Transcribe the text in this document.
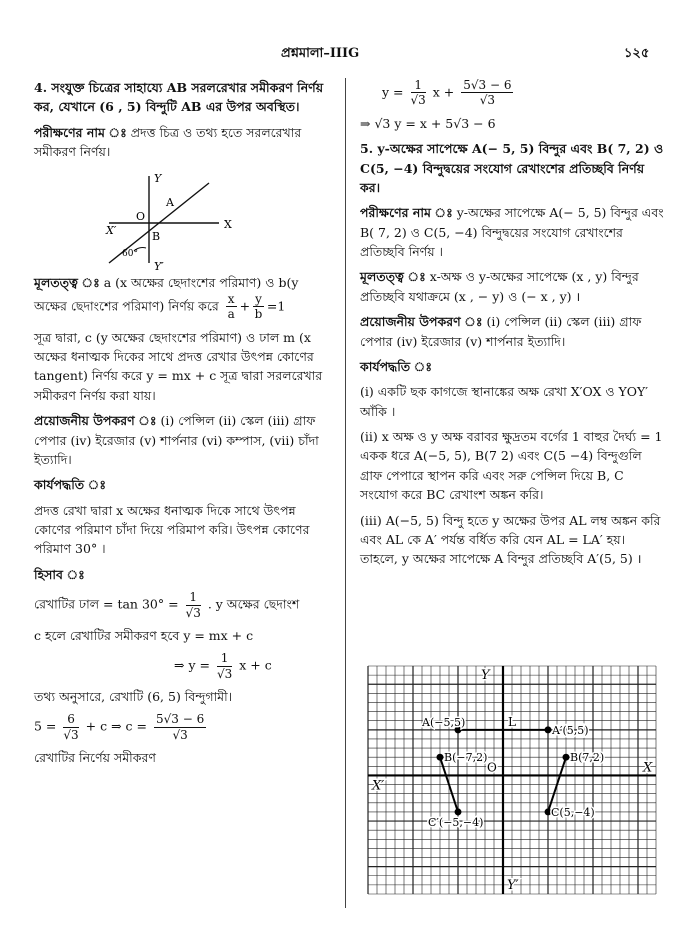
প্রশ্নমালা–IIIG	১২৫

4. সংযুক্ত চিত্রের সাহায্যে AB সরলরেখার সমীকরণ নির্ণয় কর, যেখানে (6 , 5) বিন্দুটি AB এর উপর অবস্থিত।

পরীক্ষণের নাম ঃ প্রদত্ত চিত্র ও তথ্য হতে সরলরেখার সমীকরণ নির্ণয়।

Y
A
O
X
X′	B
60°
Y′

মূলতত্ত্ব ঃ a (x অক্ষের ছেদাংশের পরিমাণ) ও b(y অক্ষের ছেদাংশের পরিমাণ) নির্ণয় করে $\frac{x}{a} + \frac{y}{b} =1$

সূত্র দ্বারা, c (y অক্ষের ছেদাংশের পরিমাণ) ও ঢাল m (x অক্ষের ধনাত্মক দিকের সাথে প্রদত্ত রেখার উৎপন্ন কোণের tangent) নির্ণয় করে y = mx + c সূত্র দ্বারা সরলরেখার সমীকরণ নির্ণয় করা যায়।

প্রয়োজনীয় উপকরণ ঃ (i) পেন্সিল (ii) স্কেল (iii) গ্রাফ পেপার (iv) ইরেজার (v) শার্পনার (vi) কম্পাস, (vii) চাঁদা ইত্যাদি।

কার্যপদ্ধতি ঃ

প্রদত্ত রেখা দ্বারা x অক্ষের ধনাত্মক দিকে সাথে উৎপন্ন কোণের পরিমাণ চাঁদা দিয়ে পরিমাপ করি। উৎপন্ন কোণের পরিমাণ 30° ।

হিসাব ঃ

রেখাটির ঢাল = $\tan 30^\circ = \frac{1}{√3}$ . y অক্ষের ছেদাংশ

c হলে রেখাটির সমীকরণ হবে y = mx + c

⇒ $y = \frac{1}{√3}$ x + c

তথ্য অনুসারে, রেখাটি (6, 5) বিন্দুগামী।

$5 = \frac{6}{√3} + c$ ⇒ $c = \frac{5√3 - 6}{√3}$

রেখাটির নির্ণেয় সমীকরণ

$y = \frac{1}{√3}$ $x + \frac{5√3 - 6}{√3}$

⇒ √3 y = x + 5√3 − 6

5. y-অক্ষের সাপেক্ষে A(− 5, 5) বিন্দুর এবং B( 7, 2) ও C(5, −4) বিন্দুদ্বয়ের সংযোগ রেখাংশের প্রতিচ্ছবি নির্ণয় কর।

পরীক্ষণের নাম ঃ y-অক্ষের সাপেক্ষে A(− 5, 5) বিন্দুর এবং B( 7, 2) ও C(5, −4) বিন্দুদ্বয়ের সংযোগ রেখাংশের প্রতিচ্ছবি নির্ণয় ।

মূলতত্ত্ব ঃ x-অক্ষ ও y-অক্ষের সাপেক্ষে (x , y) বিন্দুর প্রতিচ্ছবি যথাক্রমে (x , − y) ও (− x , y) ।

প্রয়োজনীয় উপকরণ ঃ (i) পেন্সিল (ii) স্কেল (iii) গ্রাফ পেপার (iv) ইরেজার (v) শার্পনার ইত্যাদি।

কার্যপদ্ধতি ঃ

(i) একটি ছক কাগজে স্থানাঙ্কের অক্ষ রেখা X′OX ও YOY′ আঁকি ।

(ii) x অক্ষ ও y অক্ষ বরাবর ক্ষুদ্রতম বর্গের 1 বাহুর দৈর্ঘ্য = 1 একক ধরে A(−5, 5), B(7 2) এবং C(5 −4) বিন্দুগুলি গ্রাফ পেপারে স্থাপন করি এবং সরু পেন্সিল দিয়ে B, C সংযোগ করে BC রেখাংশ অঙ্কন করি।

(iii) A(−5, 5) বিন্দু হতে y অক্ষের উপর AL লম্ব অঙ্কন করি এবং AL কে A′ পর্যন্ত বর্ধিত করি যেন AL = LA′ হয়। তাহলে, y অক্ষের সাপেক্ষে A বিন্দুর প্রতিচ্ছবি A′(5, 5) ।

Y
Y′
X
X′
O
L
A(−5,5)
A′(5,5)
B(−7,2)	B(7,2)
C(5,−4)
C′(−5,−4)
